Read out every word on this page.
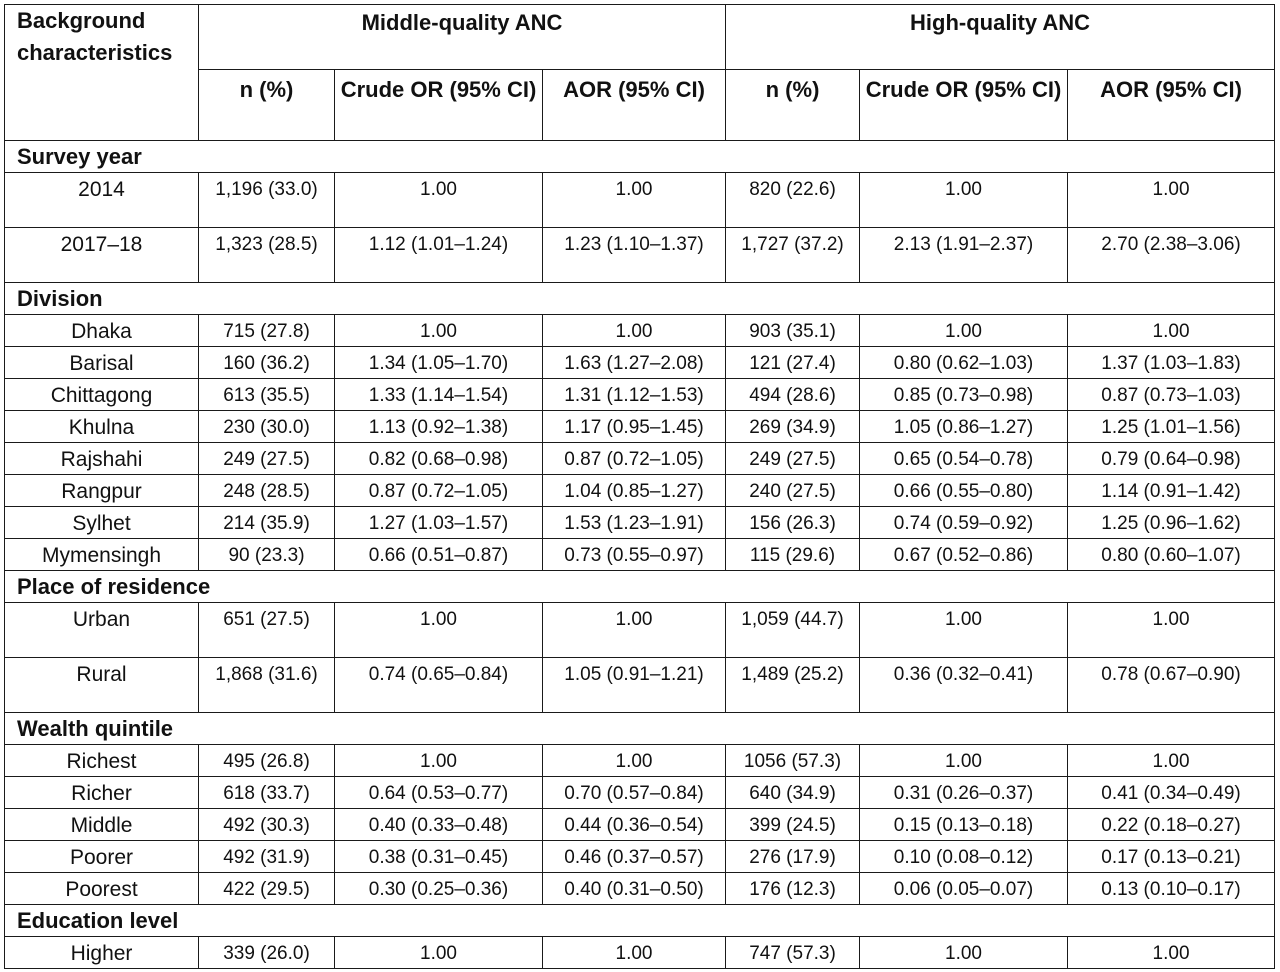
Background characteristics	Middle-quality ANC			High-quality ANC		
	n (%)	Crude OR (95% CI)	AOR (95% CI)	n (%)	Crude OR (95% CI)	AOR (95% CI)
Survey year						
2014	1,196 (33.0)	1.00	1.00	820 (22.6)	1.00	1.00
2017–18	1,323 (28.5)	1.12 (1.01–1.24)	1.23 (1.10–1.37)	1,727 (37.2)	2.13 (1.91–2.37)	2.70 (2.38–3.06)
Division						
Dhaka	715 (27.8)	1.00	1.00	903 (35.1)	1.00	1.00
Barisal	160 (36.2)	1.34 (1.05–1.70)	1.63 (1.27–2.08)	121 (27.4)	0.80 (0.62–1.03)	1.37 (1.03–1.83)
Chittagong	613 (35.5)	1.33 (1.14–1.54)	1.31 (1.12–1.53)	494 (28.6)	0.85 (0.73–0.98)	0.87 (0.73–1.03)
Khulna	230 (30.0)	1.13 (0.92–1.38)	1.17 (0.95–1.45)	269 (34.9)	1.05 (0.86–1.27)	1.25 (1.01–1.56)
Rajshahi	249 (27.5)	0.82 (0.68–0.98)	0.87 (0.72–1.05)	249 (27.5)	0.65 (0.54–0.78)	0.79 (0.64–0.98)
Rangpur	248 (28.5)	0.87 (0.72–1.05)	1.04 (0.85–1.27)	240 (27.5)	0.66 (0.55–0.80)	1.14 (0.91–1.42)
Sylhet	214 (35.9)	1.27 (1.03–1.57)	1.53 (1.23–1.91)	156 (26.3)	0.74 (0.59–0.92)	1.25 (0.96–1.62)
Mymensingh	90 (23.3)	0.66 (0.51–0.87)	0.73 (0.55–0.97)	115 (29.6)	0.67 (0.52–0.86)	0.80 (0.60–1.07)
Place of residence						
Urban	651 (27.5)	1.00	1.00	1,059 (44.7)	1.00	1.00
Rural	1,868 (31.6)	0.74 (0.65–0.84)	1.05 (0.91–1.21)	1,489 (25.2)	0.36 (0.32–0.41)	0.78 (0.67–0.90)
Wealth quintile						
Richest	495 (26.8)	1.00	1.00	1056 (57.3)	1.00	1.00
Richer	618 (33.7)	0.64 (0.53–0.77)	0.70 (0.57–0.84)	640 (34.9)	0.31 (0.26–0.37)	0.41 (0.34–0.49)
Middle	492 (30.3)	0.40 (0.33–0.48)	0.44 (0.36–0.54)	399 (24.5)	0.15 (0.13–0.18)	0.22 (0.18–0.27)
Poorer	492 (31.9)	0.38 (0.31–0.45)	0.46 (0.37–0.57)	276 (17.9)	0.10 (0.08–0.12)	0.17 (0.13–0.21)
Poorest	422 (29.5)	0.30 (0.25–0.36)	0.40 (0.31–0.50)	176 (12.3)	0.06 (0.05–0.07)	0.13 (0.10–0.17)
Education level						
Higher	339 (26.0)	1.00	1.00	747 (57.3)	1.00	1.00
